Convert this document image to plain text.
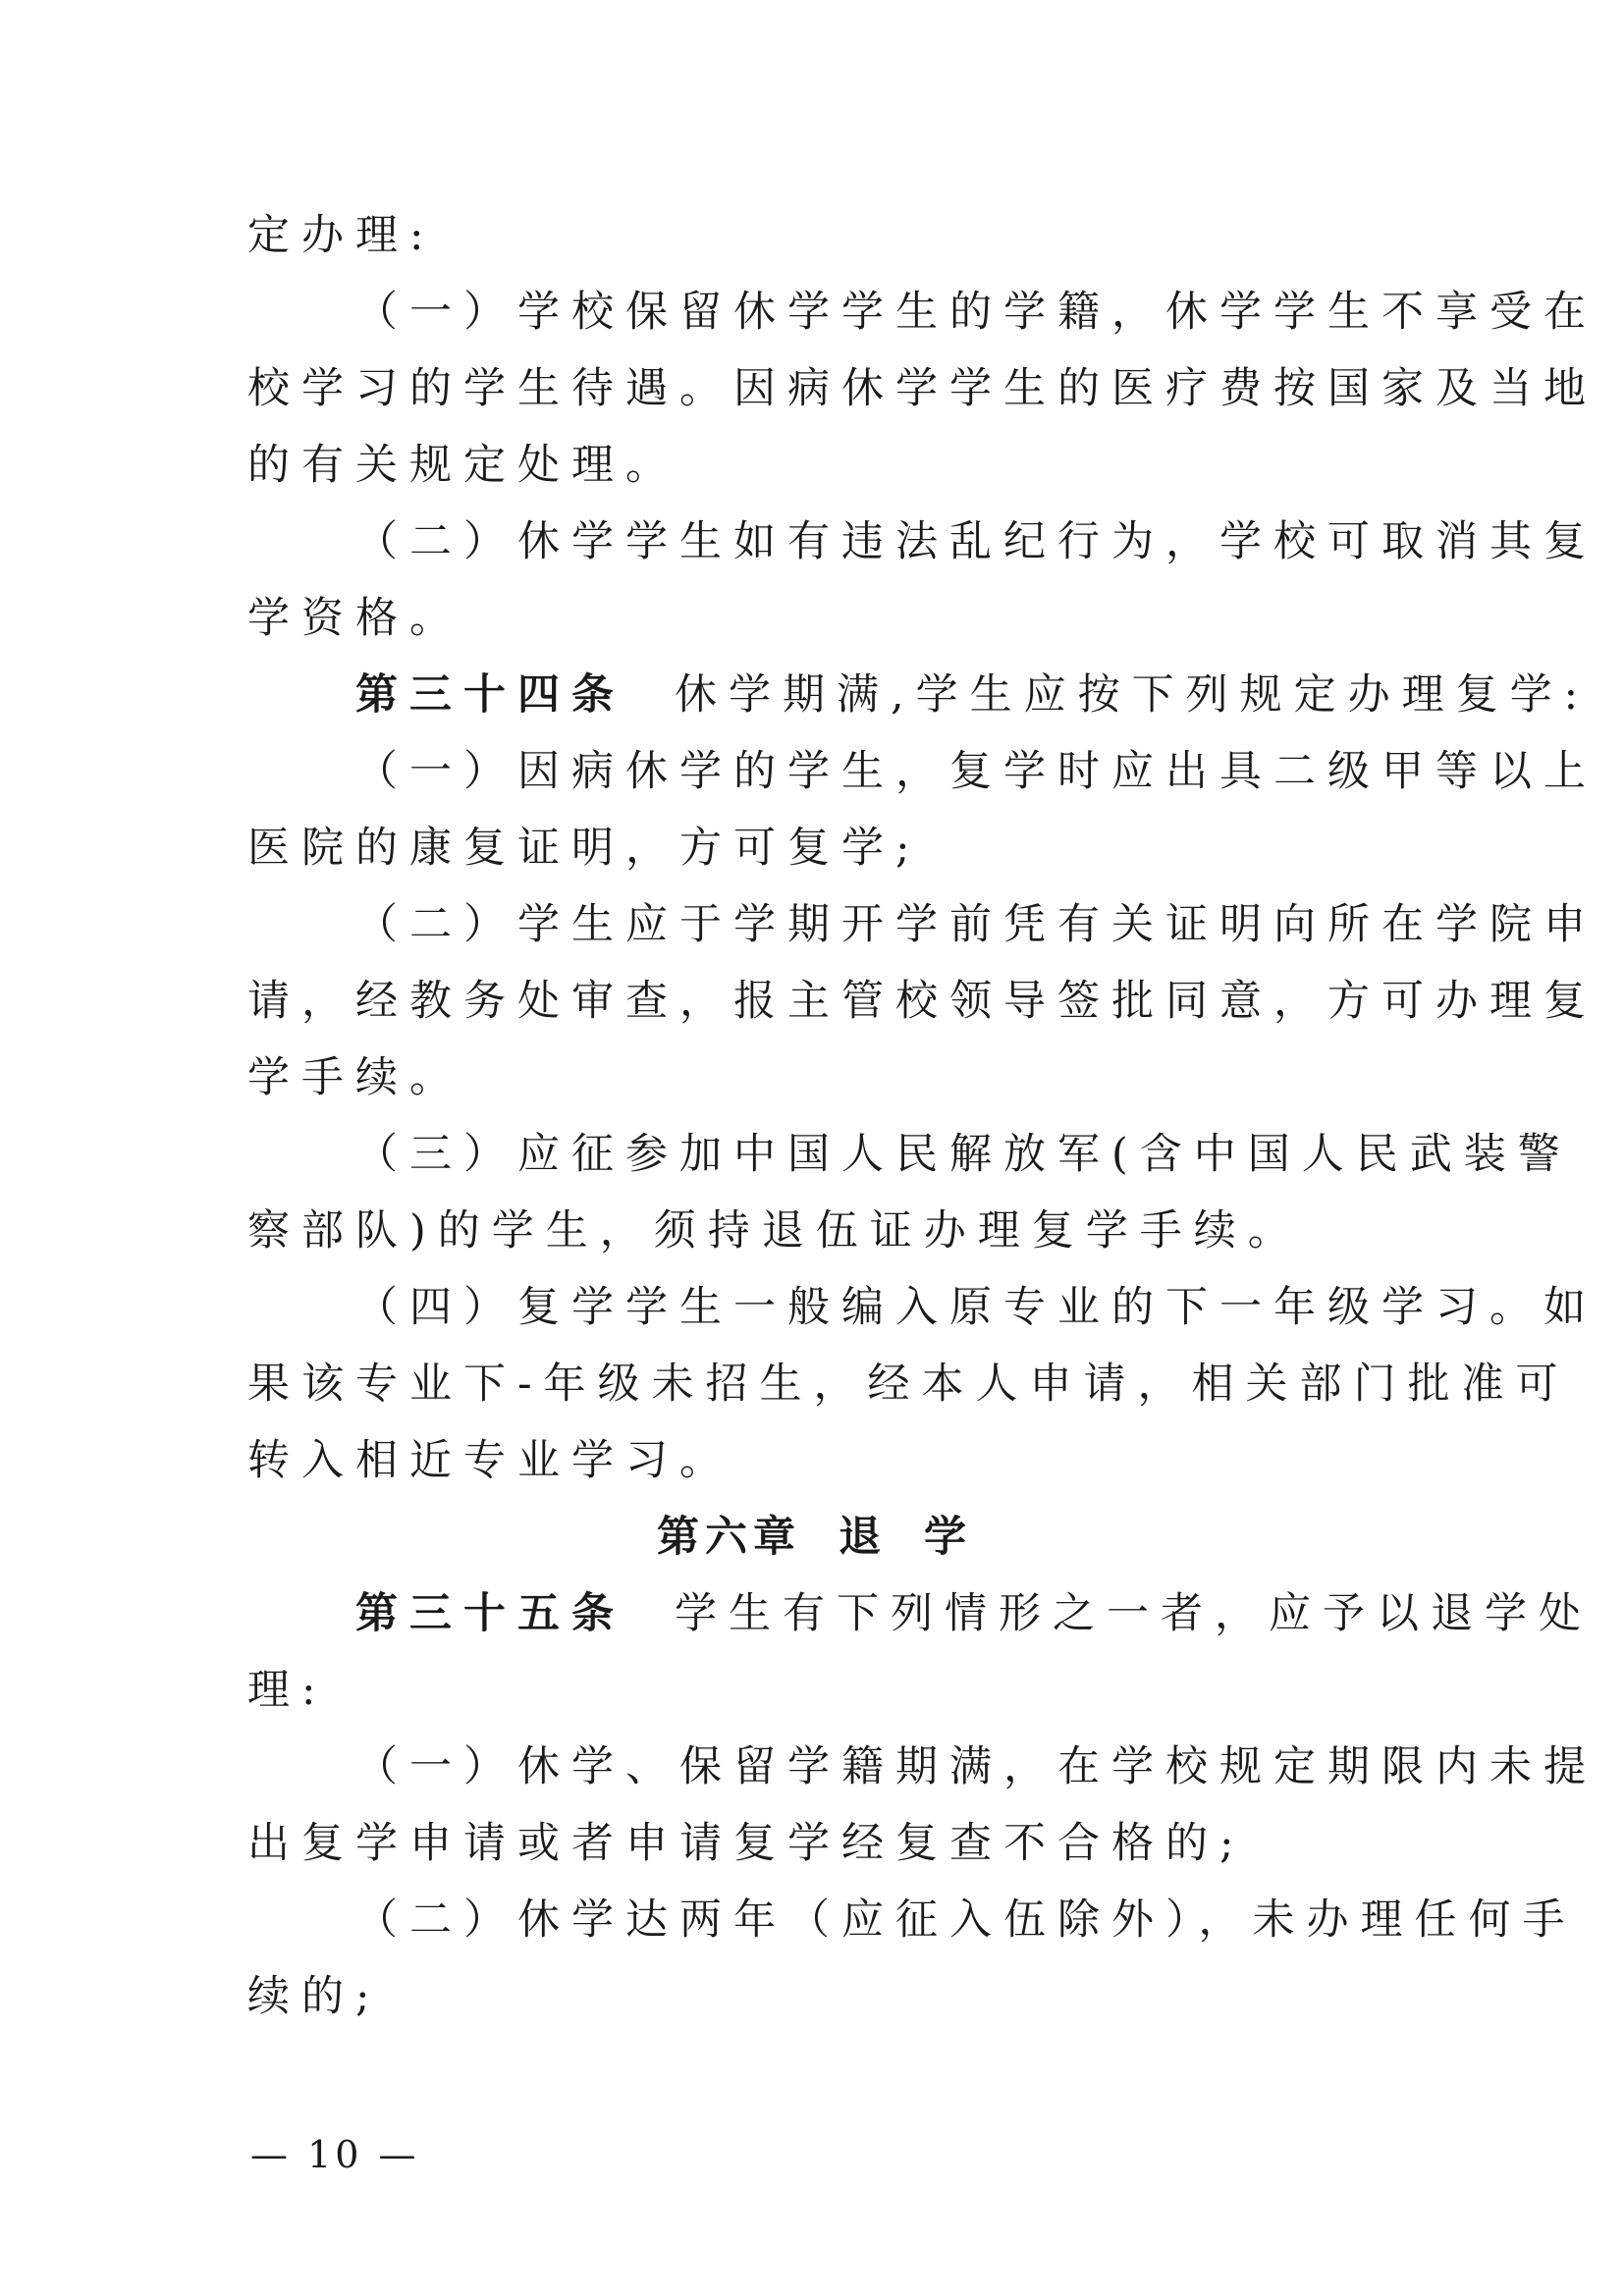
定办理:
（一）学校保留休学学生的学籍，休学学生不享受在
校学习的学生待遇。因病休学学生的医疗费按国家及当地
的有关规定处理。
（二）休学学生如有违法乱纪行为，学校可取消其复
学资格。
第三十四条 休学期满,学生应按下列规定办理复学:
（一）因病休学的学生，复学时应出具二级甲等以上
医院的康复证明，方可复学;
（二）学生应于学期开学前凭有关证明向所在学院申
请，经教务处审查，报主管校领导签批同意，方可办理复
学手续。
（三）应征参加中国人民解放军(含中国人民武装警
察部队)的学生，须持退伍证办理复学手续。
（四）复学学生一般编入原专业的下一年级学习。如
果该专业下-年级未招生，经本人申请，相关部门批准可
转入相近专业学习。
第六章 退 学
第三十五条 学生有下列情形之一者，应予以退学处
理:
（一）休学、保留学籍期满，在学校规定期限内未提
出复学申请或者申请复学经复查不合格的;
（二）休学达两年（应征入伍除外），未办理任何手
续的;
— 10 —
